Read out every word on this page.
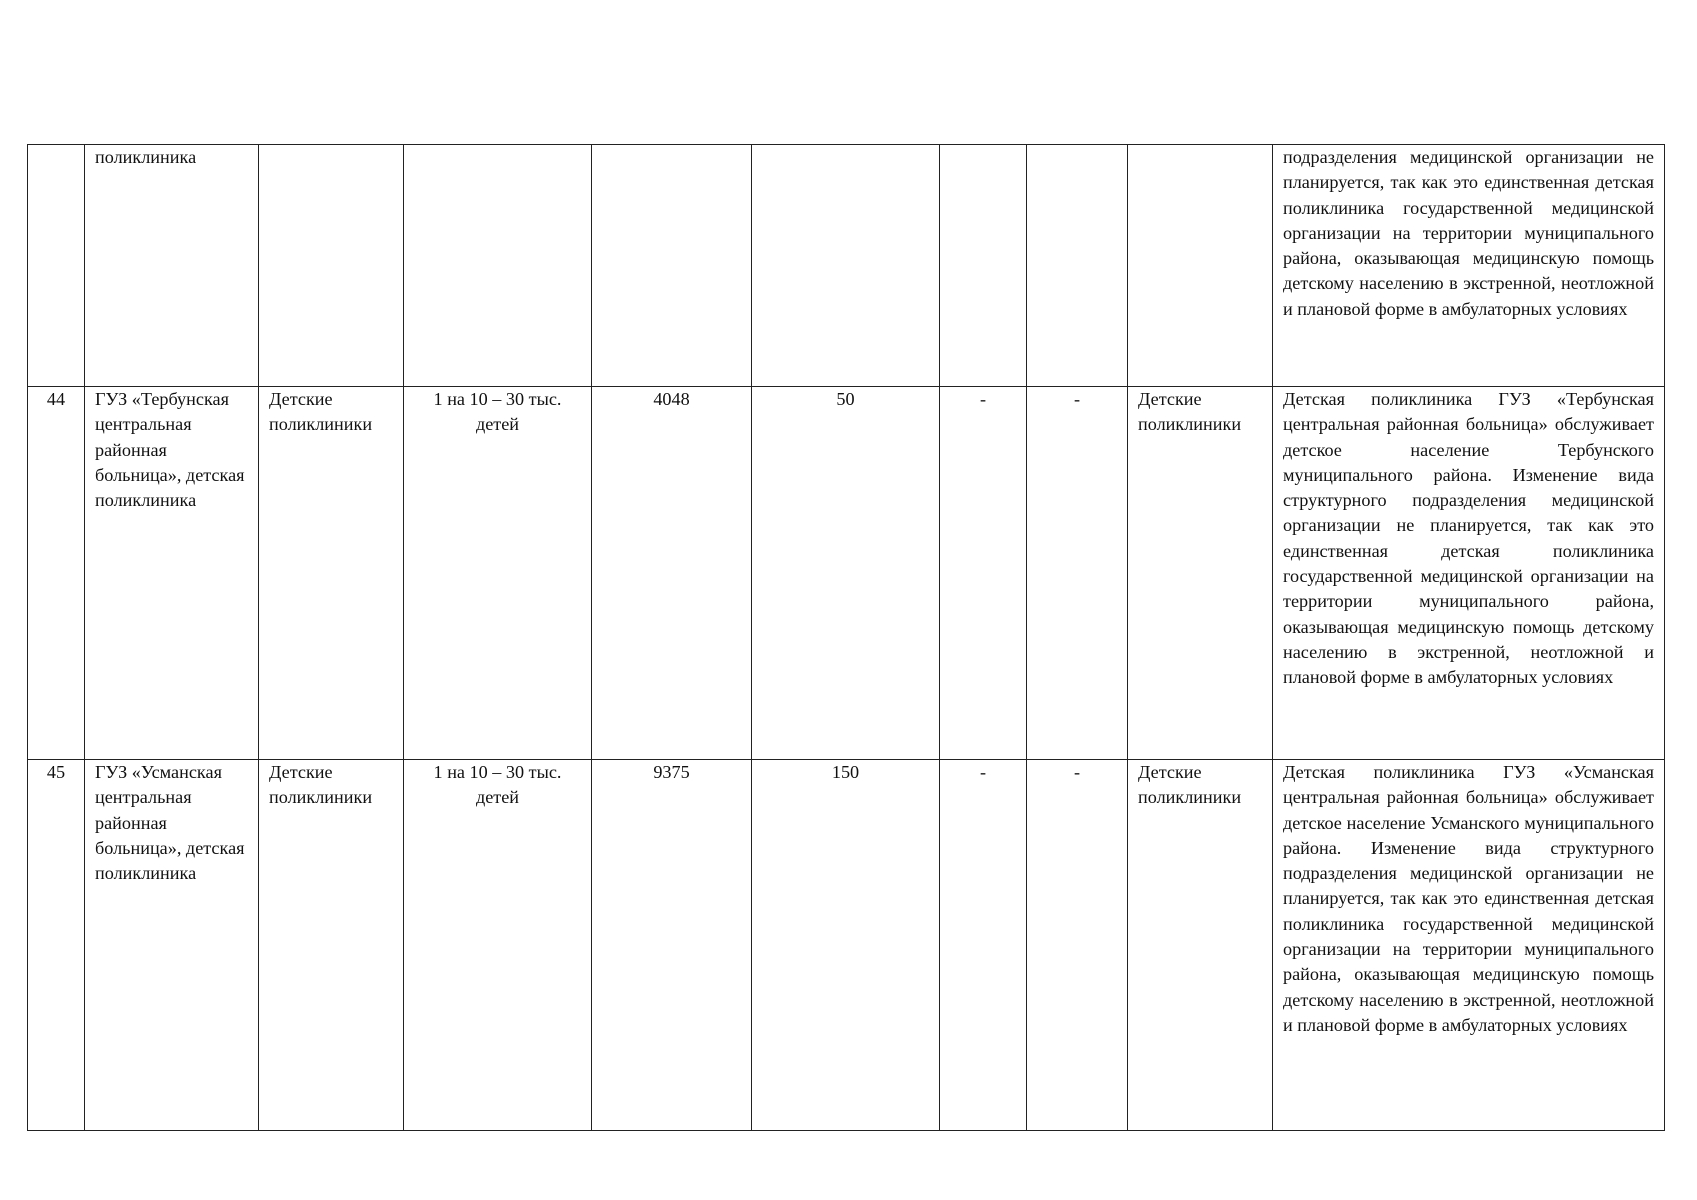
	поликлиника								подразделения медицинской организации не планируется, так как это единственная детская поликлиника государственной медицинской организации на территории муниципального района, оказывающая медицинскую помощь детскому населению в экстренной, неотложной и плановой форме в амбулаторных условиях
44	ГУЗ «Тербунская центральная районная больница», детская поликлиника	Детские поликлиники	1 на 10 – 30 тыс. детей	4048	50	-	-	Детские поликлиники	Детская поликлиника ГУЗ «Тербунская центральная районная больница» обслуживает детское население Тербунского муниципального района. Изменение вида структурного подразделения медицинской организации не планируется, так как это единственная детская поликлиника государственной медицинской организации на территории муниципального района, оказывающая медицинскую помощь детскому населению в экстренной, неотложной и плановой форме в амбулаторных условиях
45	ГУЗ «Усманская центральная районная больница», детская поликлиника	Детские поликлиники	1 на 10 – 30 тыс. детей	9375	150	-	-	Детские поликлиники	Детская поликлиника ГУЗ «Усманская центральная районная больница» обслуживает детское население Усманского муниципального района. Изменение вида структурного подразделения медицинской организации не планируется, так как это единственная детская поликлиника государственной медицинской организации на территории муниципального района, оказывающая медицинскую помощь детскому населению в экстренной, неотложной и плановой форме в амбулаторных условиях
